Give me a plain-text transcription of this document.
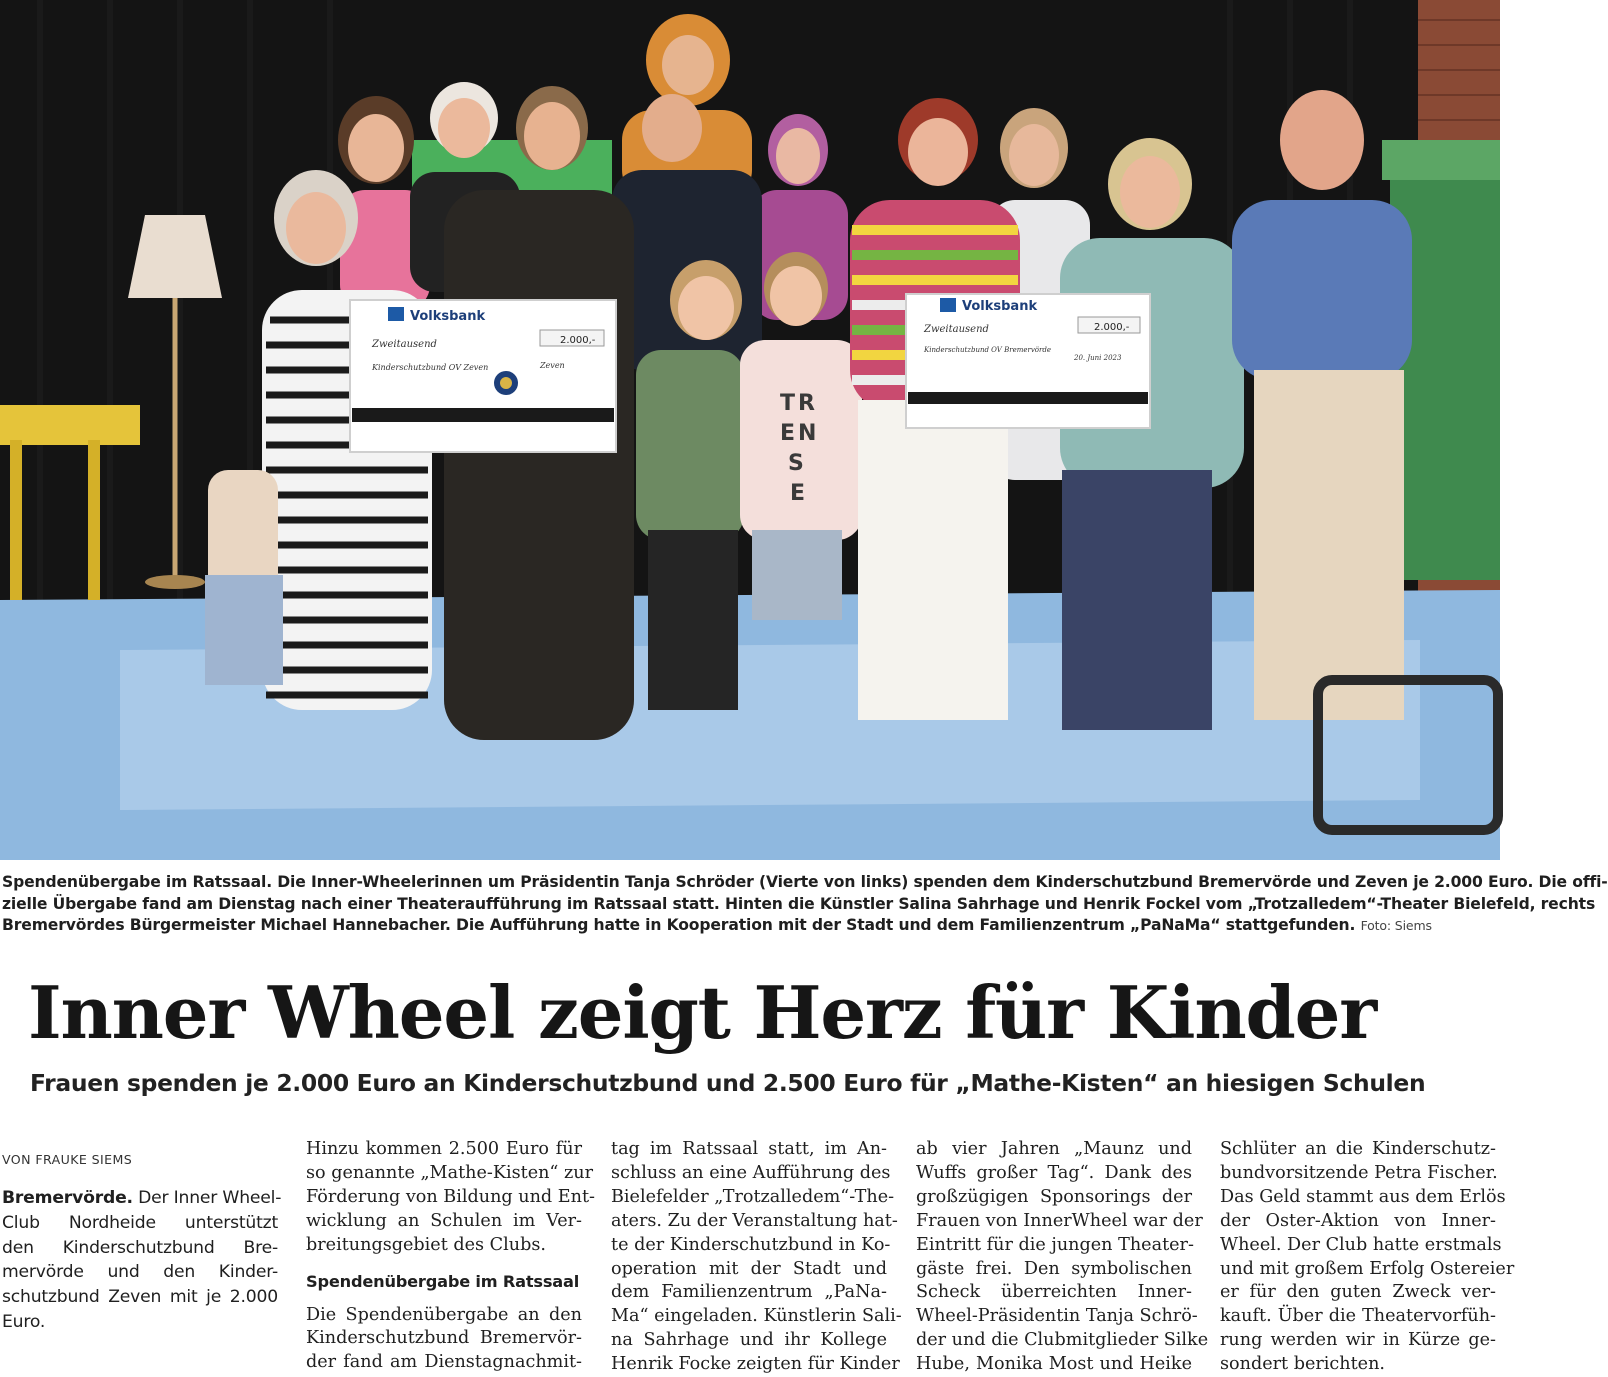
Volksbank
2.000,-
Zweitausend
Kinderschutzbund OV Zeven	Zeven
Volksbank
2.000,-
Zweitausend
Kinderschutzbund OV Bremervörde
20. Juni 2023
T R
E N
S
E
Spendenübergabe im Ratssaal. Die Inner-Wheelerinnen um Präsidentin Tanja Schröder (Vierte von links) spenden dem Kinderschutzbund Bremervörde und Zeven je 2.000 Euro. Die offi-
zielle Übergabe fand am Dienstag nach einer Theateraufführung im Ratssaal statt. Hinten die Künstler Salina Sahrhage und Henrik Fockel vom „Trotzalledem“-Theater Bielefeld, rechts
Bremervördes Bürgermeister Michael Hannebacher. Die Aufführung hatte in Kooperation mit der Stadt und dem Familienzentrum „PaNaMa“ stattgefunden. Foto: Siems
Inner Wheel zeigt Herz für Kinder
Frauen spenden je 2.000 Euro an Kinderschutzbund und 2.500 Euro für „Mathe-Kisten“ an hiesigen Schulen
VON FRAUKE SIEMS
Bremervörde. Der Inner Wheel-
Club Nordheide unterstützt
den Kinderschutzbund Bre-
mervörde und den Kinder-
schutzbund Zeven mit je 2.000
Euro.
Hinzu kommen 2.500 Euro für
so genannte „Mathe-Kisten“ zur
Förderung von Bildung und Ent-
wicklung an Schulen im Ver-
breitungsgebiet des Clubs.
Spendenübergabe im Ratssaal
Die Spendenübergabe an den
Kinderschutzbund Bremervör-
der fand am Dienstagnachmit-
tag im Ratssaal statt, im An-
schluss an eine Aufführung des
Bielefelder „Trotzalledem“-The-
aters. Zu der Veranstaltung hat-
te der Kinderschutzbund in Ko-
operation mit der Stadt und
dem Familienzentrum „PaNa-
Ma“ eingeladen. Künstlerin Sali-
na Sahrhage und ihr Kollege
Henrik Focke zeigten für Kinder
ab vier Jahren „Maunz und
Wuffs großer Tag“. Dank des
großzügigen Sponsorings der
Frauen von InnerWheel war der
Eintritt für die jungen Theater-
gäste frei. Den symbolischen
Scheck überreichten Inner-
Wheel-Präsidentin Tanja Schrö-
der und die Clubmitglieder Silke
Hube, Monika Most und Heike
Schlüter an die Kinderschutz-
bundvorsitzende Petra Fischer.
Das Geld stammt aus dem Erlös
der Oster-Aktion von Inner-
Wheel. Der Club hatte erstmals
und mit großem Erfolg Ostereier
er für den guten Zweck ver-
kauft. Über die Theatervorfüh-
rung werden wir in Kürze ge-
sondert berichten.
